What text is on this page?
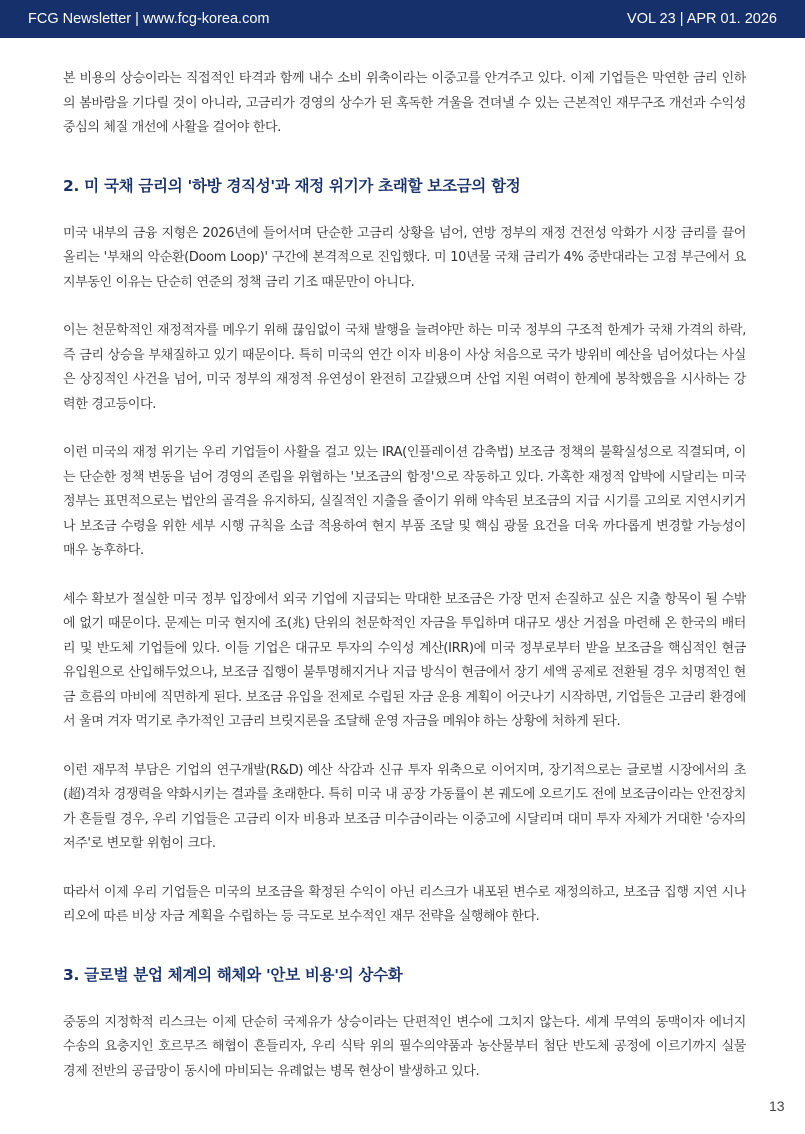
FCG Newsletter | www.fcg-korea.com	VOL 23 | APR 01. 2026

본 비용의 상승이라는 직접적인 타격과 함께 내수 소비 위축이라는 이중고를 안겨주고 있다. 이제 기업들은 막연한 금리 인하의 봄바람을 기다릴 것이 아니라, 고금리가 경영의 상수가 된 혹독한 겨울을 견뎌낼 수 있는 근본적인 재무구조 개선과 수익성 중심의 체질 개선에 사활을 걸어야 한다.

2. 미 국채 금리의 '하방 경직성'과 재정 위기가 초래할 보조금의 함정

미국 내부의 금융 지형은 2026년에 들어서며 단순한 고금리 상황을 넘어, 연방 정부의 재정 건전성 악화가 시장 금리를 끌어올리는 '부채의 악순환(Doom Loop)' 구간에 본격적으로 진입했다. 미 10년물 국채 금리가 4% 중반대라는 고점 부근에서 요지부동인 이유는 단순히 연준의 정책 금리 기조 때문만이 아니다.

이는 천문학적인 재정적자를 메우기 위해 끊임없이 국채 발행을 늘려야만 하는 미국 정부의 구조적 한계가 국채 가격의 하락, 즉 금리 상승을 부채질하고 있기 때문이다. 특히 미국의 연간 이자 비용이 사상 처음으로 국가 방위비 예산을 넘어섰다는 사실은 상징적인 사건을 넘어, 미국 정부의 재정적 유연성이 완전히 고갈됐으며 산업 지원 여력이 한계에 봉착했음을 시사하는 강력한 경고등이다.

이런 미국의 재정 위기는 우리 기업들이 사활을 걸고 있는 IRA(인플레이션 감축법) 보조금 정책의 불확실성으로 직결되며, 이는 단순한 정책 변동을 넘어 경영의 존립을 위협하는 '보조금의 함정'으로 작동하고 있다. 가혹한 재정적 압박에 시달리는 미국 정부는 표면적으로는 법안의 골격을 유지하되, 실질적인 지출을 줄이기 위해 약속된 보조금의 지급 시기를 고의로 지연시키거나 보조금 수령을 위한 세부 시행 규칙을 소급 적용하여 현지 부품 조달 및 핵심 광물 요건을 더욱 까다롭게 변경할 가능성이 매우 농후하다.

세수 확보가 절실한 미국 정부 입장에서 외국 기업에 지급되는 막대한 보조금은 가장 먼저 손질하고 싶은 지출 항목이 될 수밖에 없기 때문이다. 문제는 미국 현지에 조(兆) 단위의 천문학적인 자금을 투입하며 대규모 생산 거점을 마련해 온 한국의 배터리 및 반도체 기업들에 있다. 이들 기업은 대규모 투자의 수익성 계산(IRR)에 미국 정부로부터 받을 보조금을 핵심적인 현금 유입원으로 산입해두었으나, 보조금 집행이 불투명해지거나 지급 방식이 현금에서 장기 세액 공제로 전환될 경우 치명적인 현금 흐름의 마비에 직면하게 된다. 보조금 유입을 전제로 수립된 자금 운용 계획이 어긋나기 시작하면, 기업들은 고금리 환경에서 울며 겨자 먹기로 추가적인 고금리 브릿지론을 조달해 운영 자금을 메워야 하는 상황에 처하게 된다.

이런 재무적 부담은 기업의 연구개발(R&D) 예산 삭감과 신규 투자 위축으로 이어지며, 장기적으로는 글로벌 시장에서의 초(超)격차 경쟁력을 약화시키는 결과를 초래한다. 특히 미국 내 공장 가동률이 본 궤도에 오르기도 전에 보조금이라는 안전장치가 흔들릴 경우, 우리 기업들은 고금리 이자 비용과 보조금 미수금이라는 이중고에 시달리며 대미 투자 자체가 거대한 '승자의 저주'로 변모할 위험이 크다.

따라서 이제 우리 기업들은 미국의 보조금을 확정된 수익이 아닌 리스크가 내포된 변수로 재정의하고, 보조금 집행 지연 시나리오에 따른 비상 자금 계획을 수립하는 등 극도로 보수적인 재무 전략을 실행해야 한다.

3. 글로벌 분업 체계의 해체와 '안보 비용'의 상수화

중동의 지정학적 리스크는 이제 단순히 국제유가 상승이라는 단편적인 변수에 그치지 않는다. 세계 무역의 동맥이자 에너지 수송의 요충지인 호르무즈 해협이 흔들리자, 우리 식탁 위의 필수의약품과 농산물부터 첨단 반도체 공정에 이르기까지 실물 경제 전반의 공급망이 동시에 마비되는 유례없는 병목 현상이 발생하고 있다.

13
